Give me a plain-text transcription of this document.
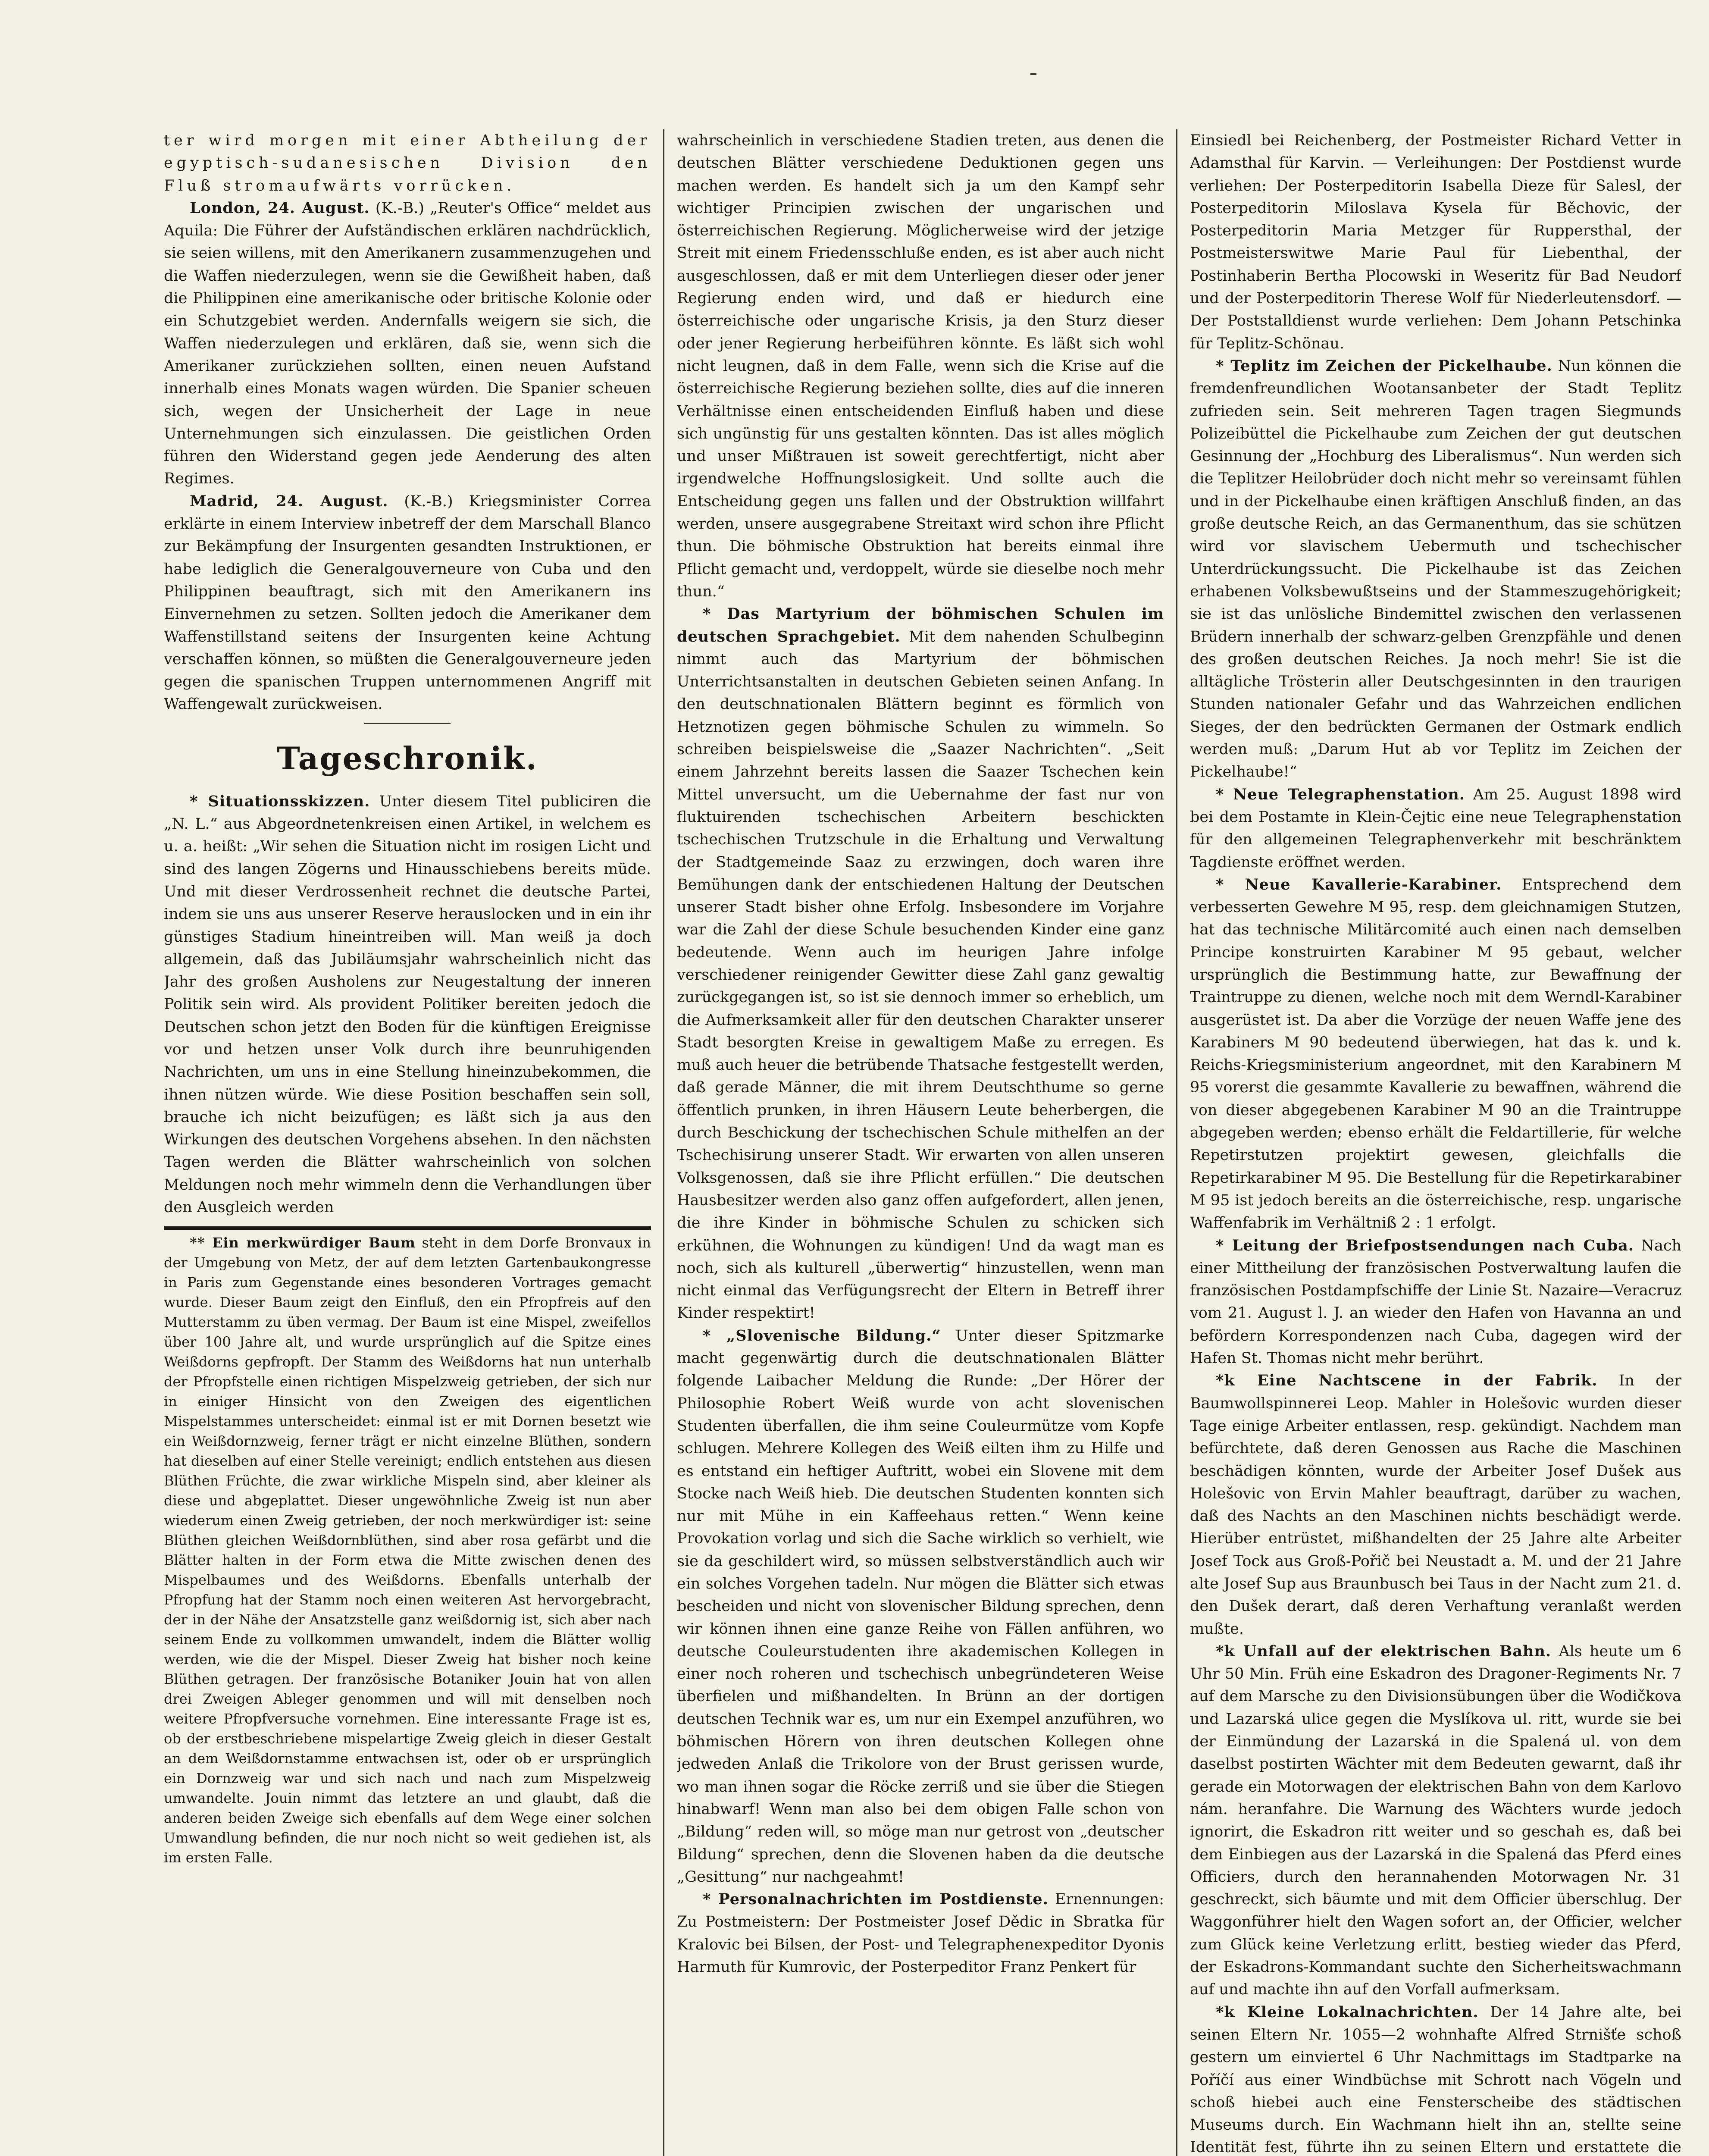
ter wird morgen mit einer Abtheilung der egyptisch-sudanesischen Division den Fluß stromaufwärts vorrücken.

London, 24. August. (K.-B.) „Reuter's Office“ meldet aus Aquila: Die Führer der Aufständischen erklären nachdrücklich, sie seien willens, mit den Amerikanern zusammenzugehen und die Waffen niederzulegen, wenn sie die Gewißheit haben, daß die Philippinen eine amerikanische oder britische Kolonie oder ein Schutzgebiet werden. Andernfalls weigern sie sich, die Waffen niederzulegen und erklären, daß sie, wenn sich die Amerikaner zurückziehen sollten, einen neuen Aufstand innerhalb eines Monats wagen würden. Die Spanier scheuen sich, wegen der Unsicherheit der Lage in neue Unternehmungen sich einzulassen. Die geistlichen Orden führen den Widerstand gegen jede Aenderung des alten Regimes.

Madrid, 24. August. (K.-B.) Kriegsminister Correa erklärte in einem Interview inbetreff der dem Marschall Blanco zur Bekämpfung der Insurgenten gesandten Instruktionen, er habe lediglich die Generalgouverneure von Cuba und den Philippinen beauftragt, sich mit den Amerikanern ins Einvernehmen zu setzen. Sollten jedoch die Amerikaner dem Waffenstillstand seitens der Insurgenten keine Achtung verschaffen können, so müßten die Generalgouverneure jeden gegen die spanischen Truppen unternommenen Angriff mit Waffengewalt zurückweisen.

Tageschronik.

* Situationsskizzen. Unter diesem Titel publiciren die „N. L.“ aus Abgeordnetenkreisen einen Artikel, in welchem es u. a. heißt: „Wir sehen die Situation nicht im rosigen Licht und sind des langen Zögerns und Hinausschiebens bereits müde. Und mit dieser Verdrossenheit rechnet die deutsche Partei, indem sie uns aus unserer Reserve herauslocken und in ein ihr günstiges Stadium hineintreiben will. Man weiß ja doch allgemein, daß das Jubiläumsjahr wahrscheinlich nicht das Jahr des großen Ausholens zur Neugestaltung der inneren Politik sein wird. Als provident Politiker bereiten jedoch die Deutschen schon jetzt den Boden für die künftigen Ereignisse vor und hetzen unser Volk durch ihre beunruhigenden Nachrichten, um uns in eine Stellung hineinzubekommen, die ihnen nützen würde. Wie diese Position beschaffen sein soll, brauche ich nicht beizufügen; es läßt sich ja aus den Wirkungen des deutschen Vorgehens absehen. In den nächsten Tagen werden die Blätter wahrscheinlich von solchen Meldungen noch mehr wimmeln denn die Verhandlungen über den Ausgleich werden

** Ein merkwürdiger Baum steht in dem Dorfe Bronvaux in der Umgebung von Metz, der auf dem letzten Gartenbaukongresse in Paris zum Gegenstande eines besonderen Vortrages gemacht wurde. Dieser Baum zeigt den Einfluß, den ein Pfropfreis auf den Mutterstamm zu üben vermag. Der Baum ist eine Mispel, zweifellos über 100 Jahre alt, und wurde ursprünglich auf die Spitze eines Weißdorns gepfropft. Der Stamm des Weißdorns hat nun unterhalb der Pfropfstelle einen richtigen Mispelzweig getrieben, der sich nur in einiger Hinsicht von den Zweigen des eigentlichen Mispelstammes unterscheidet: einmal ist er mit Dornen besetzt wie ein Weißdornzweig, ferner trägt er nicht einzelne Blüthen, sondern hat dieselben auf einer Stelle vereinigt; endlich entstehen aus diesen Blüthen Früchte, die zwar wirkliche Mispeln sind, aber kleiner als diese und abgeplattet. Dieser ungewöhnliche Zweig ist nun aber wiederum einen Zweig getrieben, der noch merkwürdiger ist: seine Blüthen gleichen Weißdornblüthen, sind aber rosa gefärbt und die Blätter halten in der Form etwa die Mitte zwischen denen des Mispelbaumes und des Weißdorns. Ebenfalls unterhalb der Pfropfung hat der Stamm noch einen weiteren Ast hervorgebracht, der in der Nähe der Ansatzstelle ganz weißdornig ist, sich aber nach seinem Ende zu vollkommen umwandelt, indem die Blätter wollig werden, wie die der Mispel. Dieser Zweig hat bisher noch keine Blüthen getragen. Der französische Botaniker Jouin hat von allen drei Zweigen Ableger genommen und will mit denselben noch weitere Pfropfversuche vornehmen. Eine interessante Frage ist es, ob der erstbeschriebene mispelartige Zweig gleich in dieser Gestalt an dem Weißdornstamme entwachsen ist, oder ob er ursprünglich ein Dornzweig war und sich nach und nach zum Mispelzweig umwandelte. Jouin nimmt das letztere an und glaubt, daß die anderen beiden Zweige sich ebenfalls auf dem Wege einer solchen Umwandlung befinden, die nur noch nicht so weit gediehen ist, als im ersten Falle.

wahrscheinlich in verschiedene Stadien treten, aus denen die deutschen Blätter verschiedene Deduktionen gegen uns machen werden. Es handelt sich ja um den Kampf sehr wichtiger Principien zwischen der ungarischen und österreichischen Regierung. Möglicherweise wird der jetzige Streit mit einem Friedensschluße enden, es ist aber auch nicht ausgeschlossen, daß er mit dem Unterliegen dieser oder jener Regierung enden wird, und daß er hiedurch eine österreichische oder ungarische Krisis, ja den Sturz dieser oder jener Regierung herbeiführen könnte. Es läßt sich wohl nicht leugnen, daß in dem Falle, wenn sich die Krise auf die österreichische Regierung beziehen sollte, dies auf die inneren Verhältnisse einen entscheidenden Einfluß haben und diese sich ungünstig für uns gestalten könnten. Das ist alles möglich und unser Mißtrauen ist soweit gerechtfertigt, nicht aber irgendwelche Hoffnungslosigkeit. Und sollte auch die Entscheidung gegen uns fallen und der Obstruktion willfahrt werden, unsere ausgegrabene Streitaxt wird schon ihre Pflicht thun. Die böhmische Obstruktion hat bereits einmal ihre Pflicht gemacht und, verdoppelt, würde sie dieselbe noch mehr thun.“

* Das Martyrium der böhmischen Schulen im deutschen Sprachgebiet. Mit dem nahenden Schulbeginn nimmt auch das Martyrium der böhmischen Unterrichtsanstalten in deutschen Gebieten seinen Anfang. In den deutschnationalen Blättern beginnt es förmlich von Hetznotizen gegen böhmische Schulen zu wimmeln. So schreiben beispielsweise die „Saazer Nachrichten“. „Seit einem Jahrzehnt bereits lassen die Saazer Tschechen kein Mittel unversucht, um die Uebernahme der fast nur von fluktuirenden tschechischen Arbeitern beschickten tschechischen Trutzschule in die Erhaltung und Verwaltung der Stadtgemeinde Saaz zu erzwingen, doch waren ihre Bemühungen dank der entschiedenen Haltung der Deutschen unserer Stadt bisher ohne Erfolg. Insbesondere im Vorjahre war die Zahl der diese Schule besuchenden Kinder eine ganz bedeutende. Wenn auch im heurigen Jahre infolge verschiedener reinigender Gewitter diese Zahl ganz gewaltig zurückgegangen ist, so ist sie dennoch immer so erheblich, um die Aufmerksamkeit aller für den deutschen Charakter unserer Stadt besorgten Kreise in gewaltigem Maße zu erregen. Es muß auch heuer die betrübende Thatsache festgestellt werden, daß gerade Männer, die mit ihrem Deutschthume so gerne öffentlich prunken, in ihren Häusern Leute beherbergen, die durch Beschickung der tschechischen Schule mithelfen an der Tschechisirung unserer Stadt. Wir erwarten von allen unseren Volksgenossen, daß sie ihre Pflicht erfüllen.“ Die deutschen Hausbesitzer werden also ganz offen aufgefordert, allen jenen, die ihre Kinder in böhmische Schulen zu schicken sich erkühnen, die Wohnungen zu kündigen! Und da wagt man es noch, sich als kulturell „überwertig“ hinzustellen, wenn man nicht einmal das Verfügungsrecht der Eltern in Betreff ihrer Kinder respektirt!

* „Slovenische Bildung.“ Unter dieser Spitzmarke macht gegenwärtig durch die deutschnationalen Blätter folgende Laibacher Meldung die Runde: „Der Hörer der Philosophie Robert Weiß wurde von acht slovenischen Studenten überfallen, die ihm seine Couleurmütze vom Kopfe schlugen. Mehrere Kollegen des Weiß eilten ihm zu Hilfe und es entstand ein heftiger Auftritt, wobei ein Slovene mit dem Stocke nach Weiß hieb. Die deutschen Studenten konnten sich nur mit Mühe in ein Kaffeehaus retten.“ Wenn keine Provokation vorlag und sich die Sache wirklich so verhielt, wie sie da geschildert wird, so müssen selbstverständlich auch wir ein solches Vorgehen tadeln. Nur mögen die Blätter sich etwas bescheiden und nicht von slovenischer Bildung sprechen, denn wir können ihnen eine ganze Reihe von Fällen anführen, wo deutsche Couleurstudenten ihre akademischen Kollegen in einer noch roheren und tschechisch unbegründeteren Weise überfielen und mißhandelten. In Brünn an der dortigen deutschen Technik war es, um nur ein Exempel anzuführen, wo böhmischen Hörern von ihren deutschen Kollegen ohne jedweden Anlaß die Trikolore von der Brust gerissen wurde, wo man ihnen sogar die Röcke zerriß und sie über die Stiegen hinabwarf! Wenn man also bei dem obigen Falle schon von „Bildung“ reden will, so möge man nur getrost von „deutscher Bildung“ sprechen, denn die Slovenen haben da die deutsche „Gesittung“ nur nachgeahmt!

* Personalnachrichten im Postdienste. Ernennungen: Zu Postmeistern: Der Postmeister Josef Dědic in Sbratka für Kralovic bei Bilsen, der Post- und Telegraphenexpeditor Dyonis Harmuth für Kumrovic, der Posterpeditor Franz Penkert für

Einsiedl bei Reichenberg, der Postmeister Richard Vetter in Adamsthal für Karvin. — Verleihungen: Der Postdienst wurde verliehen: Der Posterpeditorin Isabella Dieze für Salesl, der Posterpeditorin Miloslava Kysela für Běchovic, der Posterpeditorin Maria Metzger für Ruppersthal, der Postmeisterswitwe Marie Paul für Liebenthal, der Postinhaberin Bertha Plocowski in Weseritz für Bad Neudorf und der Posterpeditorin Therese Wolf für Niederleutensdorf. — Der Poststalldienst wurde verliehen: Dem Johann Petschinka für Teplitz-Schönau.

* Teplitz im Zeichen der Pickelhaube. Nun können die fremdenfreundlichen Wootansanbeter der Stadt Teplitz zufrieden sein. Seit mehreren Tagen tragen Siegmunds Polizeibüttel die Pickelhaube zum Zeichen der gut deutschen Gesinnung der „Hochburg des Liberalismus“. Nun werden sich die Teplitzer Heilobrüder doch nicht mehr so vereinsamt fühlen und in der Pickelhaube einen kräftigen Anschluß finden, an das große deutsche Reich, an das Germanenthum, das sie schützen wird vor slavischem Uebermuth und tschechischer Unterdrückungssucht. Die Pickelhaube ist das Zeichen erhabenen Volksbewußtseins und der Stammeszugehörigkeit; sie ist das unlösliche Bindemittel zwischen den verlassenen Brüdern innerhalb der schwarz-gelben Grenzpfähle und denen des großen deutschen Reiches. Ja noch mehr! Sie ist die alltägliche Trösterin aller Deutschgesinnten in den traurigen Stunden nationaler Gefahr und das Wahrzeichen endlichen Sieges, der den bedrückten Germanen der Ostmark endlich werden muß: „Darum Hut ab vor Teplitz im Zeichen der Pickelhaube!“

* Neue Telegraphenstation. Am 25. August 1898 wird bei dem Postamte in Klein-Čejtic eine neue Telegraphenstation für den allgemeinen Telegraphenverkehr mit beschränktem Tagdienste eröffnet werden.

* Neue Kavallerie-Karabiner. Entsprechend dem verbesserten Gewehre M 95, resp. dem gleichnamigen Stutzen, hat das technische Militärcomité auch einen nach demselben Principe konstruirten Karabiner M 95 gebaut, welcher ursprünglich die Bestimmung hatte, zur Bewaffnung der Traintruppe zu dienen, welche noch mit dem Werndl-Karabiner ausgerüstet ist. Da aber die Vorzüge der neuen Waffe jene des Karabiners M 90 bedeutend überwiegen, hat das k. und k. Reichs-Kriegsministerium angeordnet, mit den Karabinern M 95 vorerst die gesammte Kavallerie zu bewaffnen, während die von dieser abgegebenen Karabiner M 90 an die Traintruppe abgegeben werden; ebenso erhält die Feldartillerie, für welche Repetirstutzen projektirt gewesen, gleichfalls die Repetirkarabiner M 95. Die Bestellung für die Repetirkarabiner M 95 ist jedoch bereits an die österreichische, resp. ungarische Waffenfabrik im Verhältniß 2 : 1 erfolgt.

* Leitung der Briefpostsendungen nach Cuba. Nach einer Mittheilung der französischen Postverwaltung laufen die französischen Postdampfschiffe der Linie St. Nazaire—Veracruz vom 21. August l. J. an wieder den Hafen von Havanna an und befördern Korrespondenzen nach Cuba, dagegen wird der Hafen St. Thomas nicht mehr berührt.

*k Eine Nachtscene in der Fabrik. In der Baumwollspinnerei Leop. Mahler in Holešovic wurden dieser Tage einige Arbeiter entlassen, resp. gekündigt. Nachdem man befürchtete, daß deren Genossen aus Rache die Maschinen beschädigen könnten, wurde der Arbeiter Josef Dušek aus Holešovic von Ervin Mahler beauftragt, darüber zu wachen, daß des Nachts an den Maschinen nichts beschädigt werde. Hierüber entrüstet, mißhandelten der 25 Jahre alte Arbeiter Josef Tock aus Groß-Pořič bei Neustadt a. M. und der 21 Jahre alte Josef Sup aus Braunbusch bei Taus in der Nacht zum 21. d. den Dušek derart, daß deren Verhaftung veranlaßt werden mußte.

*k Unfall auf der elektrischen Bahn. Als heute um 6 Uhr 50 Min. Früh eine Eskadron des Dragoner-Regiments Nr. 7 auf dem Marsche zu den Divisionsübungen über die Wodičkova und Lazarská ulice gegen die Myslíkova ul. ritt, wurde sie bei der Einmündung der Lazarská in die Spalená ul. von dem daselbst postirten Wächter mit dem Bedeuten gewarnt, daß ihr gerade ein Motorwagen der elektrischen Bahn von dem Karlovo nám. heranfahre. Die Warnung des Wächters wurde jedoch ignorirt, die Eskadron ritt weiter und so geschah es, daß bei dem Einbiegen aus der Lazarská in die Spalená das Pferd eines Officiers, durch den herannahenden Motorwagen Nr. 31 geschreckt, sich bäumte und mit dem Officier überschlug. Der Waggonführer hielt den Wagen sofort an, der Officier, welcher zum Glück keine Verletzung erlitt, bestieg wieder das Pferd, der Eskadrons-Kommandant suchte den Sicherheitswachmann auf und machte ihn auf den Vorfall aufmerksam.

*k Kleine Lokalnachrichten. Der 14 Jahre alte, bei seinen Eltern Nr. 1055—2 wohnhafte Alfred Strnišťe schoß gestern um einviertel 6 Uhr Nachmittags im Stadtparke na Poříčí aus einer Windbüchse mit Schrott nach Vögeln und schoß hiebei auch eine Fensterscheibe des städtischen Museums durch. Ein Wachmann hielt ihn an, stellte seine Identität fest, führte ihn zu seinen Eltern und erstattete die
